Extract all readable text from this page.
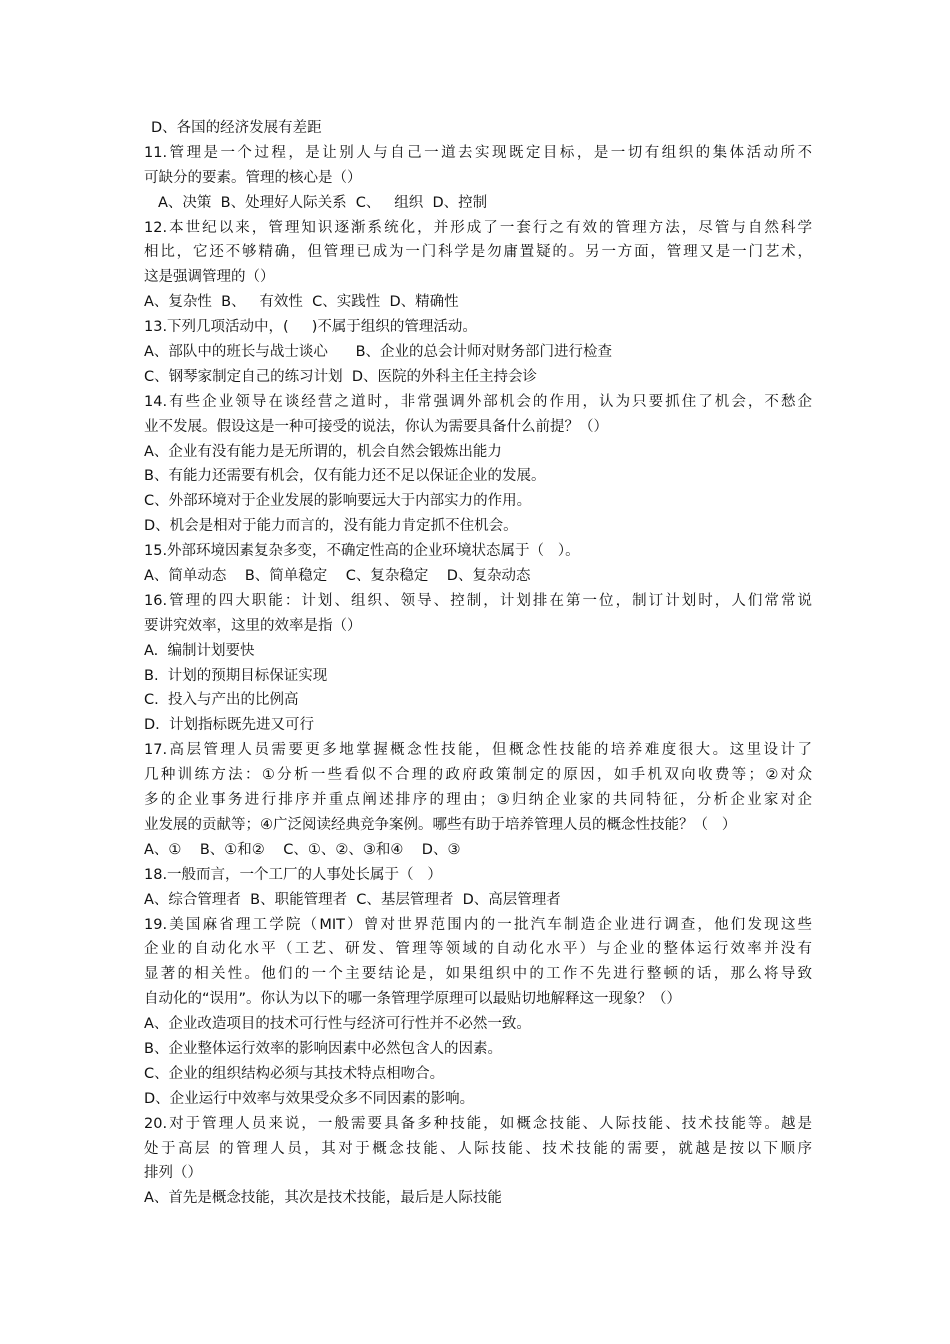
D、各国的经济发展有差距
11.管理是一个过程，是让别人与自己一道去实现既定目标，是一切有组织的集体活动所不
可缺分的要素。管理的核心是（）
A、决策  B、处理好人际关系  C、   组织  D、控制
12.本世纪以来，管理知识逐渐系统化，并形成了一套行之有效的管理方法，尽管与自然科学
相比，它还不够精确，但管理已成为一门科学是勿庸置疑的。另一方面，管理又是一门艺术，
这是强调管理的（）
A、复杂性  B、   有效性  C、实践性  D、精确性
13.下列几项活动中，(     )不属于组织的管理活动。
A、部队中的班长与战士谈心      B、企业的总会计师对财务部门进行检查
C、钢琴家制定自己的练习计划  D、医院的外科主任主持会诊
14.有些企业领导在谈经营之道时，非常强调外部机会的作用，认为只要抓住了机会，不愁企
业不发展。假设这是一种可接受的说法，你认为需要具备什么前提？（）
A、企业有没有能力是无所谓的，机会自然会锻炼出能力
B、有能力还需要有机会，仅有能力还不足以保证企业的发展。
C、外部环境对于企业发展的影响要远大于内部实力的作用。
D、机会是相对于能力而言的，没有能力肯定抓不住机会。
15.外部环境因素复杂多变，不确定性高的企业环境状态属于（   ）。
A、简单动态    B、简单稳定    C、复杂稳定    D、复杂动态
16.管理的四大职能：计划、组织、领导、控制，计划排在第一位，制订计划时，人们常常说
要讲究效率，这里的效率是指（）
A.  编制计划要快
B.  计划的预期目标保证实现
C.  投入与产出的比例高
D.  计划指标既先进又可行
17.高层管理人员需要更多地掌握概念性技能，但概念性技能的培养难度很大。这里设计了
几种训练方法：①分析一些看似不合理的政府政策制定的原因，如手机双向收费等；②对众
多的企业事务进行排序并重点阐述排序的理由；③归纳企业家的共同特征，分析企业家对企
业发展的贡献等；④广泛阅读经典竞争案例。哪些有助于培养管理人员的概念性技能？（   ）
A、①    B、①和②    C、①、②、③和④    D、③
18.一般而言，一个工厂的人事处长属于（   ）
A、综合管理者  B、职能管理者  C、基层管理者  D、高层管理者
19.美国麻省理工学院（MIT）曾对世界范围内的一批汽车制造企业进行调查，他们发现这些
企业的自动化水平（工艺、研发、管理等领域的自动化水平）与企业的整体运行效率并没有
显著的相关性。他们的一个主要结论是，如果组织中的工作不先进行整顿的话，那么将导致
自动化的“误用”。你认为以下的哪一条管理学原理可以最贴切地解释这一现象？（）
A、企业改造项目的技术可行性与经济可行性并不必然一致。
B、企业整体运行效率的影响因素中必然包含人的因素。
C、企业的组织结构必须与其技术特点相吻合。
D、企业运行中效率与效果受众多不同因素的影响。
20.对于管理人员来说，一般需要具备多种技能，如概念技能、人际技能、技术技能等。越是
处于高层 的管理人员，其对于概念技能、人际技能、技术技能的需要，就越是按以下顺序
排列（）
A、首先是概念技能，其次是技术技能，最后是人际技能
